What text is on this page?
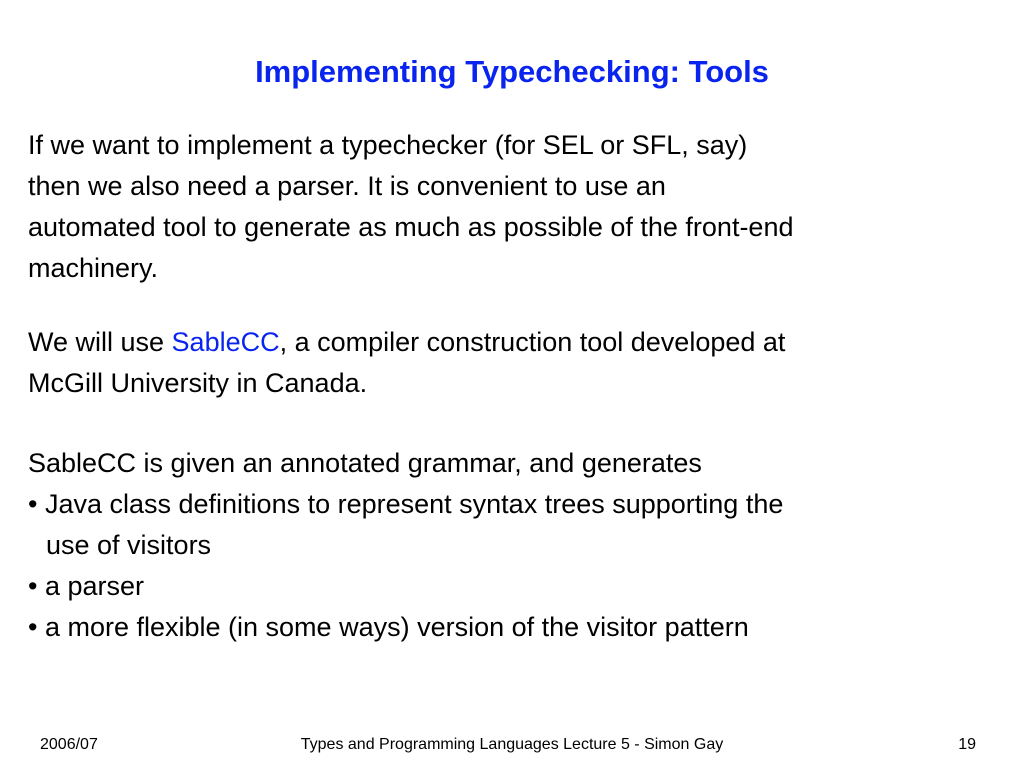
Implementing Typechecking: Tools
If we want to implement a typechecker (for SEL or SFL, say)
then we also need a parser. It is convenient to use an
automated tool to generate as much as possible of the front-end
machinery.
We will use SableCC, a compiler construction tool developed at
McGill University in Canada.
SableCC is given an annotated grammar, and generates
• Java class definitions to represent syntax trees supporting the
use of visitors
• a parser
• a more flexible (in some ways) version of the visitor pattern
Types and Programming Languages Lecture 5 - Simon Gay
2006/07	19
